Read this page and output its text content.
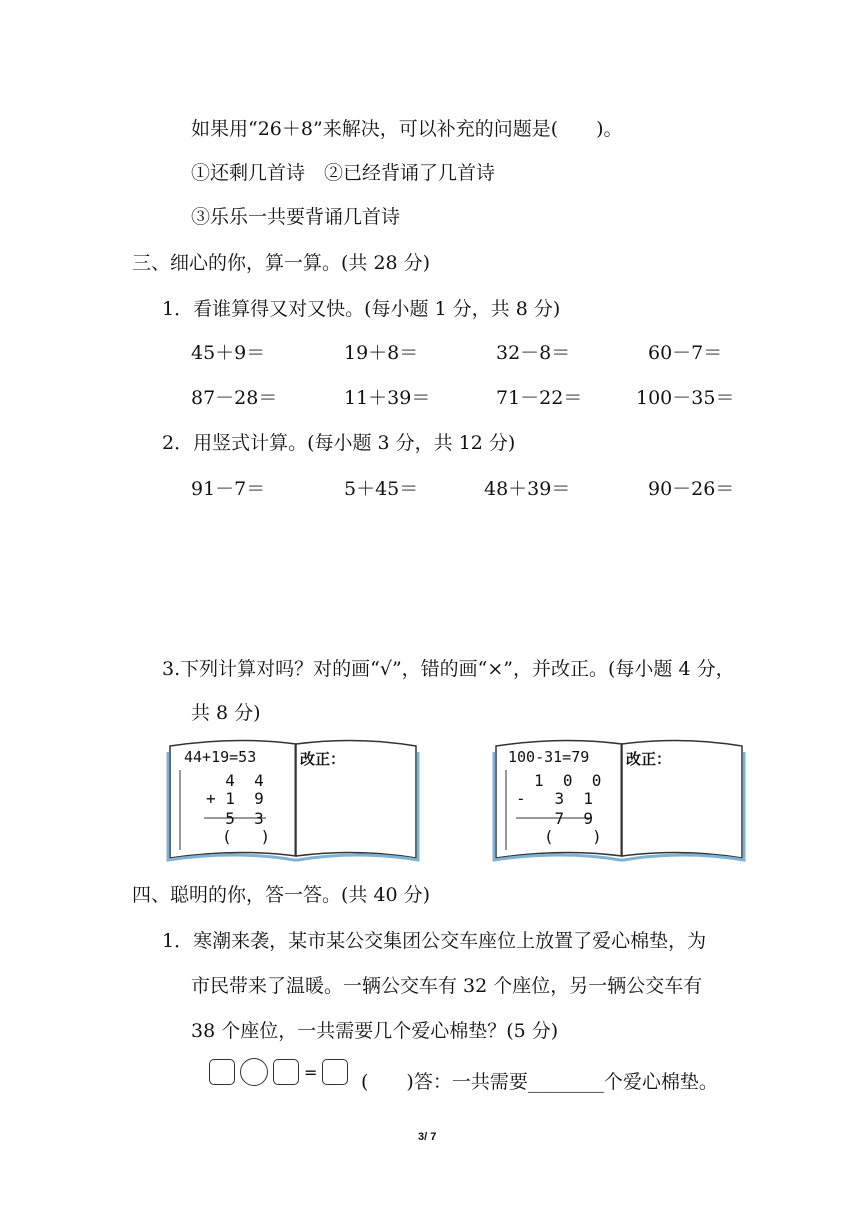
如果用“26＋8”来解决，可以补充的问题是(　　)。
①还剩几首诗　②已经背诵了几首诗
③乐乐一共要背诵几首诗
三、细心的你，算一算。(共 28 分)
1．看谁算得又对又快。(每小题 1 分，共 8 分)
45＋9＝	19＋8＝	32－8＝	60－7＝
87－28＝	11＋39＝	71－22＝	100－35＝
2．用竖式计算。(每小题 3 分，共 12 分)
91－7＝	5＋45＝	48＋39＝	90－26＝
3.下列计算对吗？对的画“√”，错的画“×”，并改正。(每小题 4 分，
共 8 分)
44+19=53	改正：
4  4
+ 1  9
5  3
(   )
100-31=79 改正：
1  0  0
-   3  1
7  9
(    )
四、聪明的你，答一答。(共 40 分)
1．寒潮来袭，某市某公交集团公交车座位上放置了爱心棉垫，为
市民带来了温暖。一辆公交车有 32 个座位，另一辆公交车有
38 个座位，一共需要几个爱心棉垫？(5 分)
= (　　)答：一共需要________个爱心棉垫。
3/ 7
